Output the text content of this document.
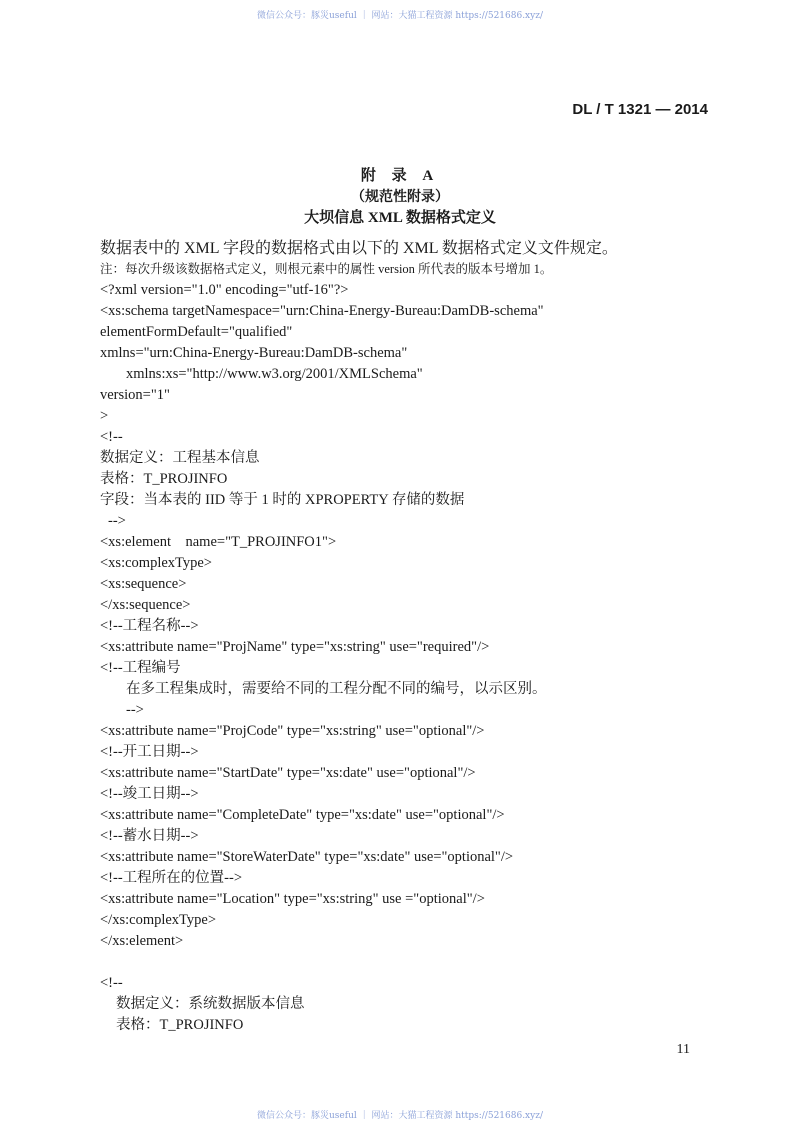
微信公众号：豚災useful ｜ 网站：大猫工程资源 https://521686.xyz/
DL / T 1321 — 2014
附 录 A
（规范性附录）
大坝信息 XML 数据格式定义
数据表中的 XML 字段的数据格式由以下的 XML 数据格式定义文件规定。
注：每次升级该数据格式定义，则根元素中的属性 version 所代表的版本号增加 1。
<?xml version="1.0" encoding="utf-16"?>
<xs:schema targetNamespace="urn:China-Energy-Bureau:DamDB-schema"
elementFormDefault="qualified"
xmlns="urn:China-Energy-Bureau:DamDB-schema"
xmlns:xs="http://www.w3.org/2001/XMLSchema"
version="1"
>
<!--
数据定义：工程基本信息
表格：T_PROJINFO
字段：当本表的 IID 等于 1 时的 XPROPERTY 存储的数据
-->
<xs:element    name="T_PROJINFO1">
<xs:complexType>
<xs:sequence>
</xs:sequence>
<!--工程名称-->
<xs:attribute name="ProjName" type="xs:string" use="required"/>
<!--工程编号
在多工程集成时，需要给不同的工程分配不同的编号，以示区别。
-->
<xs:attribute name="ProjCode" type="xs:string" use="optional"/>
<!--开工日期-->
<xs:attribute name="StartDate" type="xs:date" use="optional"/>
<!--竣工日期-->
<xs:attribute name="CompleteDate" type="xs:date" use="optional"/>
<!--蓄水日期-->
<xs:attribute name="StoreWaterDate" type="xs:date" use="optional"/>
<!--工程所在的位置-->
<xs:attribute name="Location" type="xs:string" use ="optional"/>
</xs:complexType>
</xs:element>
<!--
数据定义：系统数据版本信息
表格：T_PROJINFO
11
微信公众号：豚災useful ｜ 网站：大猫工程资源 https://521686.xyz/
